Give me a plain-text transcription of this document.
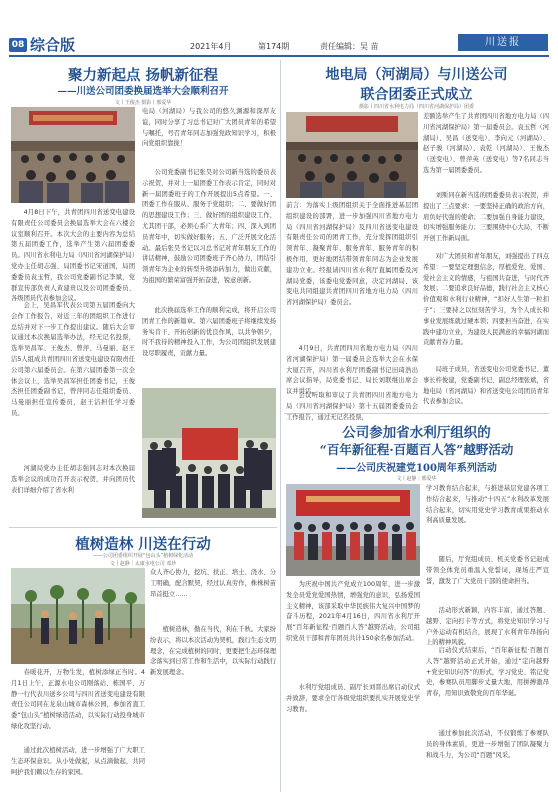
08 综合版	2021年4月	第174期	责任编辑：吴 苗	川送报
聚力新起点 扬帆新征程
——川送公司团委换届选举大会顺利召开
文丨王俊杰 摄影丨邢爱华
4月8日下午，共青团四川省送变电建设有限责任公司委员会换届选举大会在六楼会议室顺利召开。本次大会的主要内容为总结第五届团委工作，选举产生第六届团委委员。四川省水利电力局（四川省河湖保护局）党办主任胡志强、局团委书记宋道国，局团委委员袁玉哲，我公司党委副书记李斌，党群宣传部负责人黄建贵以及公司团委委员、各级团员代表参加会议。
会上，吴昌军代表公司第五届团委向大会作工作报告，对近三年的团组织工作进行总结并对下一步工作提出建议。随后大会审议通过本次换届选举办法，经无记名投票，选举吴昌军、王俊杰、曾萍、马曼丽、赵王洁5人组成共青团四川省送变电建设有限责任公司第六届委员会。在第六届团委第一次全体会议上，选举吴昌军担任团委书记，王俊杰担任团委副书记，曾萍同志任组织委员、马曼丽担任宣传委员，赵王洁担任学习委员。
河湖局党办主任胡志强同志对本次换届选举会议的成功召开表示祝贺，并向团员代表们详细介绍了省水利
电局（河湖局）与我公司的悠久渊源和深厚友谊，同时分享了习总书记对广大团员青年的希望与嘱托，号召青年同志加强党政知识学习，积极向党组织靠拢！
公司党委副书记张昊对公司新当选的委员表示祝贺，并对上一届团委工作表示肯定，同时对新一届团委班子的工作开展提出5点希望。一、团委工作在服从、服务于党组织；二、要做好团的思想建设工作；三、做好团的组织建设工作，尤其团干部，必须心系广大青年；四、深入到团员青年中，切实做好服务；五、广泛开展文化活动。最后张昊书记以习总书记对青年朋友工作的讲话精神，鼓励公司团委班子齐心协力，团结引领青年为企业的转型升级添砖加力，做出贡献，为祖国的繁荣富强开拓奋进，锐意创新。
此次换届选举工作的顺利完成，将开启公司团青工作的新篇章。第六届团委班子将继续发扬务实肯干、开拓创新的优良作风，以共争朝夕，时不我待的精神投入工作，为公司团组织发展建设尽职履责，贡献力量。
地电局（河湖局）与川送公司
联合团委正式成立
摄影丨四川省水利电力局（四川省河湖保护局）团委
前言：为落实上级团组织关于全面推进基层团组织建设的部署，进一步加强四川省地方电力局（四川省河湖保护局）及四川省送变电建设有限责任公司的团青工作，充分发挥团组织引领青年、凝聚青年、服务青年、服务青年的积极作用，更好地团结带领青年同志为企业发展建功立业。经报请四川省水利厅直属团委及河湖局党委，该委电党委同意，决定河湖局、该变电共同组建共青团四川省地方电力局（四川省河湖保护局）委员会。
4月9日，共青团四川省地方电力局（四川省河湖保护局）第一届委员会选举大会在水保大厦召开，四川省水利厅团委副书记田琦浩出席会议指导，局党委书记、局长刘联继出席会议并讲话。
会议听取和审议了共青团四川省地方电力局（四川省河湖保护局）第十五届团委委员会工作报告，通过无记名投票，
差额选举产生了共青团四川省地方电力局（四川省河湖保护局）第一届委员会。袁玉哲（河湖局）、吴昌（送变电）、李向元（河湖局）、赵子骏（河湖局）、袁乾（河湖局）、王俊杰（送变电）、曾萍英（送变电）等7名同志当选为第一届团委委员。
刘斯同在新当选的团委委员表示祝贺，并提出了三点要求：一要坚持正确的政治方向，肩负好代强的使命；二要加强自身能力建设，切实增强服务能力；三要围绕中心大局，不断开创工作新局面。
对广大团员和青年朋友，刘强提出了四点希望：一要坚定理想信念，厚植爱党、爱国、爱社会主义的情感，与祖国共奋进，与时代齐发展；二要追求良好品德，践行社会主义核心价值观和水利行业精神，“扣好人生第一粒扣子”；三要持之以恒刻苦学习，为个人成长和事业发展练就过硬本领；四要担当奋进，在实践中建功立业，为建设人民满意的幸福河湖而贡献青春力量。
局班子成员，省送变电公司党委书记、董事长杵俊建，党委副书记、副总经理张斌，省地电局（省河湖局）和省送变电公司团员青年代表参加会议。
植树造林 川送在行动
——公司团委组织开展“包山头”植树绿化活动
文丨赵静｜太康水电公司 邓珍
春暖花开，万物生发，植树添绿正当时。4月1日上午，正源水电公司刚落站、栋国平、万静一行代表川送乡公司与四川省送变电建设有限责任公司同在龙泉山城市森林公园，参加省直工委“包山头”植树绿造活动，以实际行动投身城市绿化攻坚行动。
通过此次植树活动，进一步增强了广大职工生态环保意识。从小处做起，从点滴做起，共同呵护我们赖以生存的家园。
众人齐心协力，挖坑、扶正、培土、浇水、分工明确，配合默契，经过认真劳作，株株树苗昂首挺立……
植树造林，勤在当代，利在千秋。大家纷纷表示，将以本次活动为契机，践行生态文明理念，在完成植树的同时，更要把生态环保理念落实到日常工作和生活中，以实际行动践行新发展理念。
公司参加省水利厅组织的
“百年新征程·百题百人答”越野活动
——公司庆祝建党100周年系列活动
文丨赵静｜邢爱华
为庆祝中国共产党成立100周年，进一步激发全员爱党爱国热情，增强党的意识，弘扬爱国主义精神，该部采取中华民族伟大复兴中国梦的奋斗历程，2021年4月16日，四川省水利厅开展“百年新征程·百题百人答”越野活动，公司组织党员干部和青年团员共计150余名参加活动。
水利厅党组成员、副厅长刘晋出席启动仪式并致辞，要求全厅各级党组织要扎实开展党史学习教育。
学习教育结合起来，与推进基层党建各项工作结合起来，与推动“十四五”水利改革发展结合起来，切实用党史学习教育成果推动水利高质量发展。
随后，厅党组成员、机关党委书记赵成带领全体党员重温入党誓词，现场庄严宣誓，激发了广大党员干部的使命担当。
活动形式新颖，内容丰富，通过答题、越野、定向打卡等方式，将党史知识学习与户外运动有机结合，展现了水利青年昂扬向上的精神风貌。
启动仪式结束后，“百年新征程·百题百人答”越野活动正式开始，通过“定向越野+党史知识问答”的形式，学习党史、铭记党史，参赛队员用脚步丈量大地，用拼搏激昂青春，用知识致敬党的百年华诞。
通过参加此次活动，不仅锻炼了参赛队员的身体素质，更进一步增强了团队凝聚力和战斗力，为公司“百题”风采。
